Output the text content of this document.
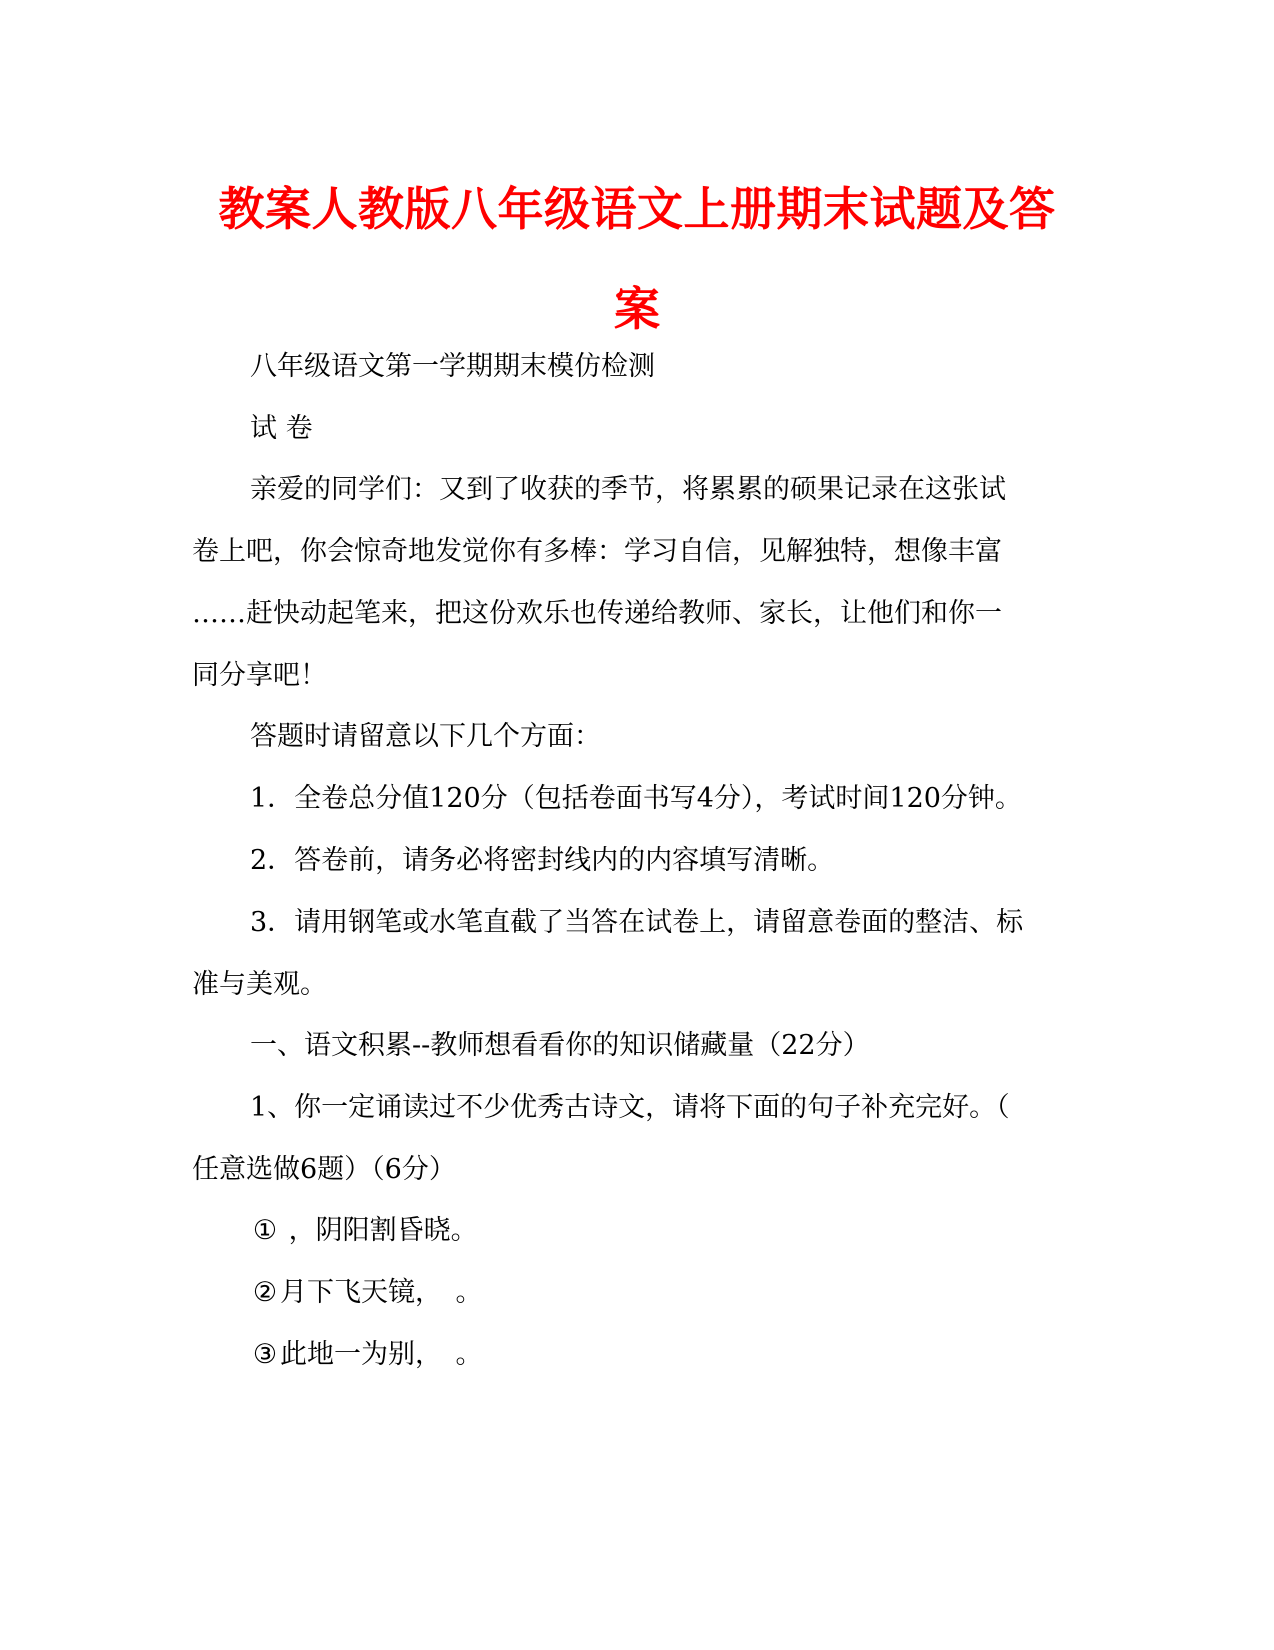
教案人教版八年级语文上册期末试题及答
案
八年级语文第一学期期末模仿检测
试 卷
亲爱的同学们：又到了收获的季节，将累累的硕果记录在这张试
卷上吧，你会惊奇地发觉你有多棒：学习自信，见解独特，想像丰富
……赶快动起笔来，把这份欢乐也传递给教师、家长，让他们和你一
同分享吧！
答题时请留意以下几个方面：
1．全卷总分值120分（包括卷面书写4分），考试时间120分钟。
2．答卷前，请务必将密封线内的内容填写清晰。
3．请用钢笔或水笔直截了当答在试卷上，请留意卷面的整洁、标
准与美观。
一、语文积累--教师想看看你的知识储藏量（22分）
1、你一定诵读过不少优秀古诗文，请将下面的句子补充完好。（
任意选做6题）（6分）
① ，阴阳割昏晓。
② 月下飞天镜，　。
③ 此地一为别，　。
